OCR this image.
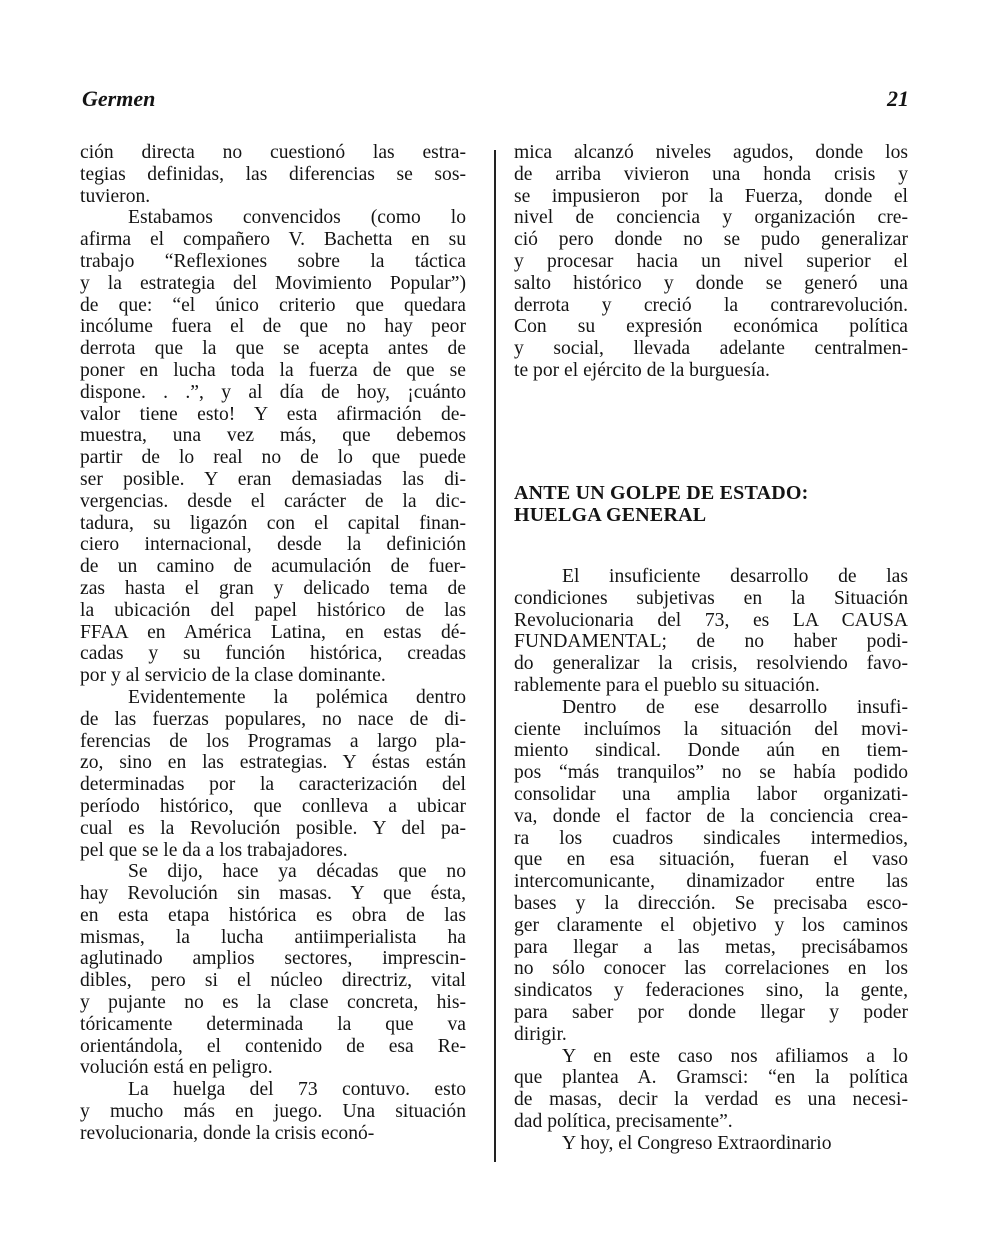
Germen	21

ción directa no cuestionó las estra-
tegias definidas, las diferencias se sos-
tuvieron.

Estabamos convencidos (como lo
afirma el compañero V. Bachetta en su
trabajo “Reflexiones sobre la táctica
y la estrategia del Movimiento Popular”)
de que: “el único criterio que quedara
incólume fuera el de que no hay peor
derrota que la que se acepta antes de
poner en lucha toda la fuerza de que se
dispone. . .”, y al día de hoy, ¡cuánto
valor tiene esto! Y esta afirmación de-
muestra, una vez más, que debemos
partir de lo real no de lo que puede
ser posible. Y eran demasiadas las di-
vergencias. desde el carácter de la dic-
tadura, su ligazón con el capital finan-
ciero internacional, desde la definición
de un camino de acumulación de fuer-
zas hasta el gran y delicado tema de
la ubicación del papel histórico de las
FFAA en América Latina, en estas dé-
cadas y su función histórica, creadas
por y al servicio de la clase dominante.

Evidentemente la polémica dentro
de las fuerzas populares, no nace de di-
ferencias de los Programas a largo pla-
zo, sino en las estrategias. Y éstas están
determinadas por la caracterización del
período histórico, que conlleva a ubicar
cual es la Revolución posible. Y del pa-
pel que se le da a los trabajadores.

Se dijo, hace ya décadas que no
hay Revolución sin masas. Y que ésta,
en esta etapa histórica es obra de las
mismas, la lucha antiimperialista ha
aglutinado amplios sectores, imprescin-
dibles, pero si el núcleo directriz, vital
y pujante no es la clase concreta, his-
tóricamente determinada la que va
orientándola, el contenido de esa Re-
volución está en peligro.

La huelga del 73 contuvo. esto
y mucho más en juego. Una situación
revolucionaria, donde la crisis econó-

mica alcanzó niveles agudos, donde los
de arriba vivieron una honda crisis y
se impusieron por la Fuerza, donde el
nivel de conciencia y organización cre-
ció pero donde no se pudo generalizar
y procesar hacia un nivel superior el
salto histórico y donde se generó una
derrota y creció la contrarevolución.
Con su expresión económica política
y social, llevada adelante centralmen-
te por el ejército de la burguesía.

ANTE UN GOLPE DE ESTADO:
HUELGA GENERAL

El insuficiente desarrollo de las
condiciones subjetivas en la Situación
Revolucionaria del 73, es LA CAUSA
FUNDAMENTAL; de no haber podi-
do generalizar la crisis, resolviendo favo-
rablemente para el pueblo su situación.

Dentro de ese desarrollo insufi-
ciente incluímos la situación del movi-
miento sindical. Donde aún en tiem-
pos “más tranquilos” no se había podido
consolidar una amplia labor organizati-
va, donde el factor de la conciencia crea-
ra los cuadros sindicales intermedios,
que en esa situación, fueran el vaso
intercomunicante, dinamizador entre las
bases y la dirección. Se precisaba esco-
ger claramente el objetivo y los caminos
para llegar a las metas, precisábamos
no sólo conocer las correlaciones en los
sindicatos y federaciones sino, la gente,
para saber por donde llegar y poder
dirigir.

Y en este caso nos afiliamos a lo
que plantea A. Gramsci: “en la política
de masas, decir la verdad es una necesi-
dad política, precisamente”.

Y hoy, el Congreso Extraordinario
